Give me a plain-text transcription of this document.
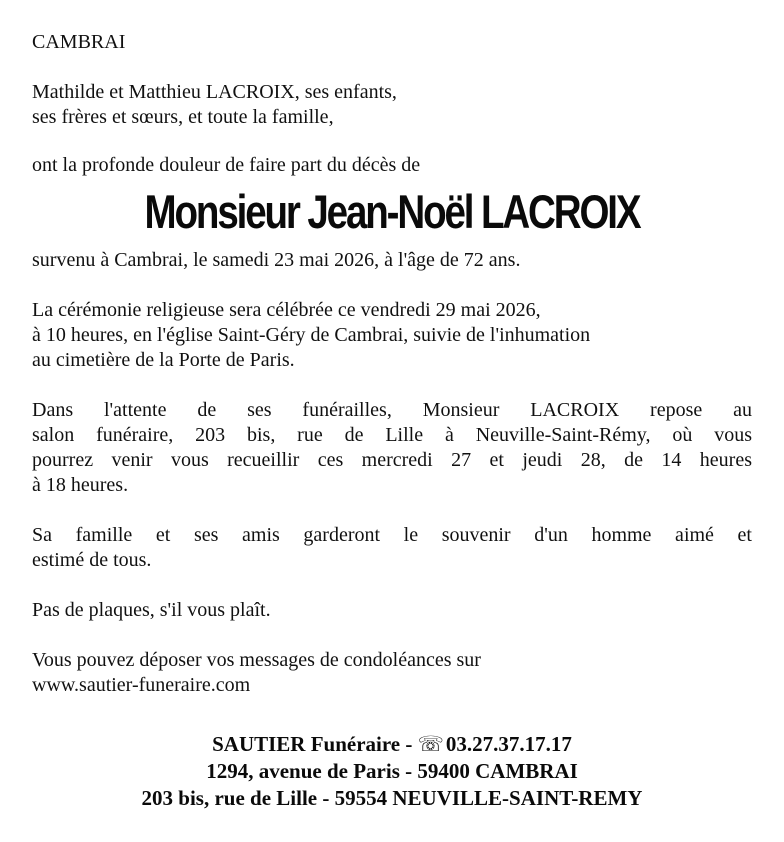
CAMBRAI
Mathilde et Matthieu LACROIX, ses enfants,
ses frères et sœurs, et toute la famille,
ont la profonde douleur de faire part du décès de
Monsieur Jean-Noël LACROIX
survenu à Cambrai, le samedi 23 mai 2026, à l'âge de 72 ans.
La cérémonie religieuse sera célébrée ce vendredi 29 mai 2026,
à 10 heures, en l'église Saint-Géry de Cambrai, suivie de l'inhumation
au cimetière de la Porte de Paris.
Dans l'attente de ses funérailles, Monsieur LACROIX repose au
salon funéraire, 203 bis, rue de Lille à Neuville-Saint-Rémy, où vous
pourrez venir vous recueillir ces mercredi 27 et jeudi 28, de 14 heures
à 18 heures.
Sa famille et ses amis garderont le souvenir d'un homme aimé et
estimé de tous.
Pas de plaques, s'il vous plaît.
Vous pouvez déposer vos messages de condoléances sur
www.sautier-funeraire.com
SAUTIER Funéraire - ☏03.27.37.17.17
1294, avenue de Paris - 59400 CAMBRAI
203 bis, rue de Lille - 59554 NEUVILLE-SAINT-REMY
